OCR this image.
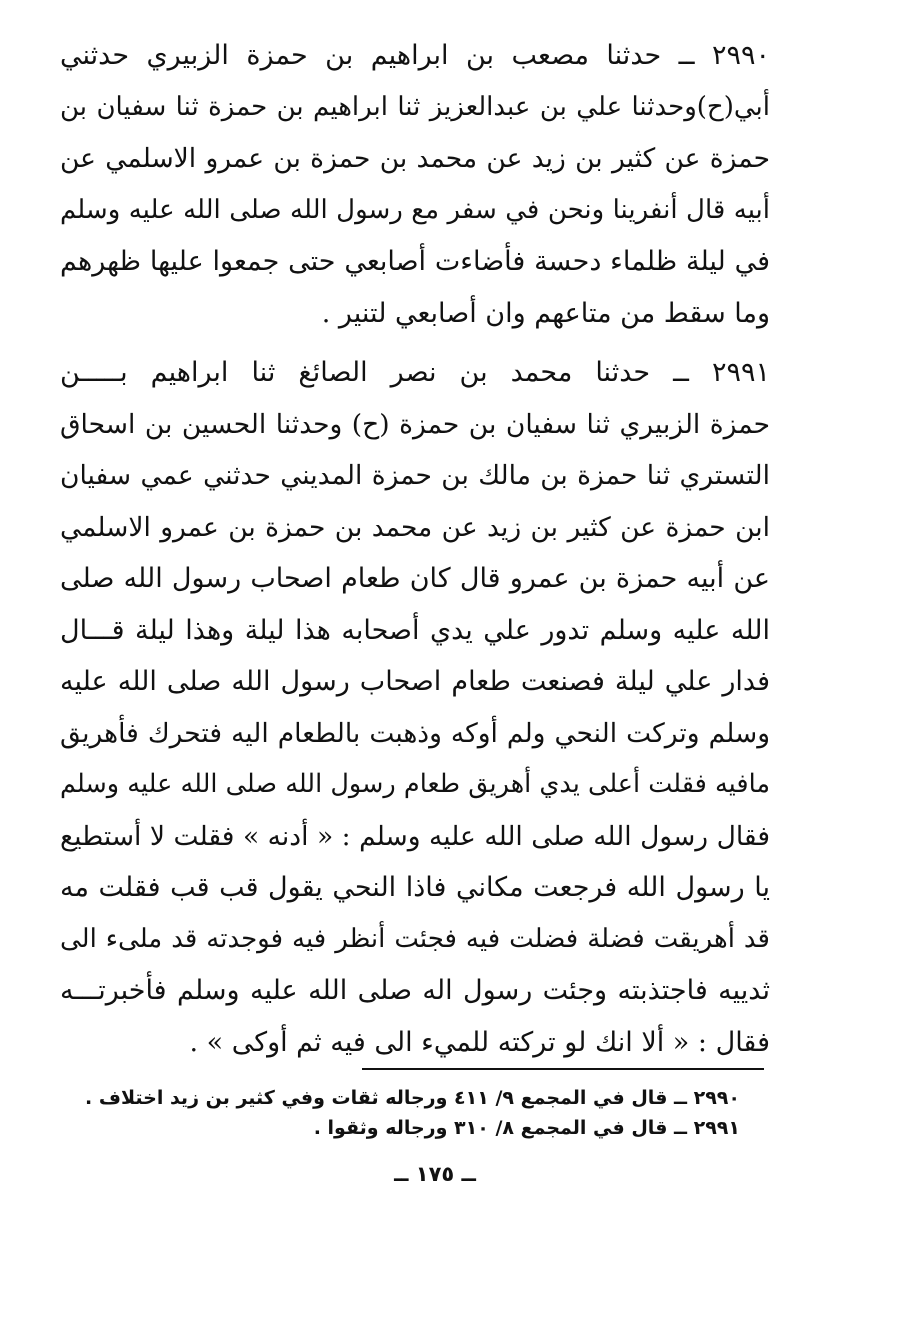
٢٩٩٠ ــ حدثنا مصعب بن ابراهيم بن حمزة الزبيري حدثني
أبي(ح)وحدثنا علي بن عبدالعزيز ثنا ابراهيم بن حمزة ثنا سفيان بن
حمزة عن كثير بن زيد عن محمد بن حمزة بن عمرو الاسلمي عن
أبيه قال أنفرينا ونحن في سفر مع رسول الله صلى الله عليه وسلم
في ليلة ظلماء دحسة فأضاءت أصابعي حتى جمعوا عليها ظهرهم
وما سقط من متاعهم وان أصابعي لتنير .
٢٩٩١ ــ حدثنا محمد بن نصر الصائغ ثنا ابراهيم بـــــن
حمزة الزبيري ثنا سفيان بن حمزة (ح) وحدثنا الحسين بن اسحاق
التستري ثنا حمزة بن مالك بن حمزة المديني حدثني عمي سفيان
ابن حمزة عن كثير بن زيد عن محمد بن حمزة بن عمرو الاسلمي
عن أبيه حمزة بن عمرو قال كان طعام اصحاب رسول الله صلى
الله عليه وسلم تدور علي يدي أصحابه هذا ليلة وهذا ليلة قـــال
فدار علي ليلة فصنعت طعام اصحاب رسول الله صلى الله عليه
وسلم وتركت النحي ولم أوكه وذهبت بالطعام اليه فتحرك فأهريق
مافيه فقلت أعلى يدي أهريق طعام رسول الله صلى الله عليه وسلم
فقال رسول الله صلى الله عليه وسلم : « أدنه » فقلت لا أستطيع
يا رسول الله فرجعت مكاني فاذا النحي يقول قب قب فقلت مه
قد أهريقت فضلة فضلت فيه فجئت أنظر فيه فوجدته قد ملىء الى
ثدييه فاجتذبته وجئت رسول اله صلى الله عليه وسلم فأخبرتـــه
فقال : « ألا انك لو تركته للميء الى فيه ثم أوكى » .
٢٩٩٠ ــ قال في المجمع ٩/ ٤١١ ورجاله ثقات وفي كثير بن زيد اختلاف .
٢٩٩١ ــ قال في المجمع ٨/ ٣١٠ ورجاله وثقوا .
ــ ١٧٥ ــ
